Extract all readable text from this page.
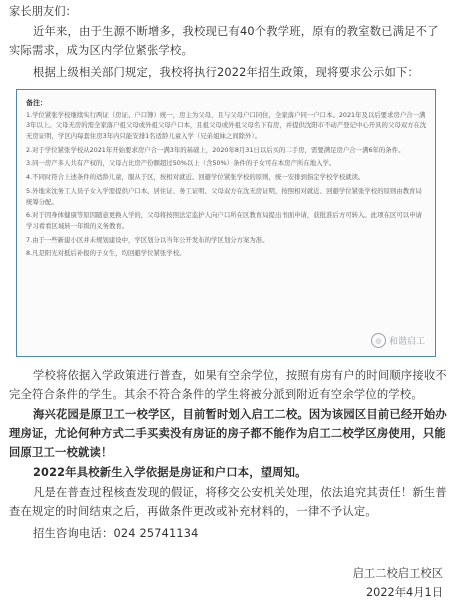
家长朋友们：

近年来，由于生源不断增多，我校现已有40个教学班，原有的教室数已满足不了实际需求，成为区内学位紧张学校。

根据上级相关部门规定，我校将执行2022年招生政策，现将要求公示如下：

备注：
1.学位紧张学校继续实行两证（房证、户口簿）统一，房主为父母，且与父母户口同住，全家落户同一户口本。2021年及以后要求房户合一满3年以上。父母无房的需全家落户祖父母或外祖父母户口本，且祖父母或外祖父母名下有房，并提供沈阳市不动产登记中心开具的父母双方在沈无房证明，学区内每套住房3年内只能安排1名适龄儿童入学（兄弟姐妹之间除外）。
2.对于学位紧张学校从2021年开始要求房户合一满3年的基础上，2020年8月31日以后买的二手房，需要满足房户合一满6年的条件。
3.同一房产多人共有产权的，父母占比房产份额超过50%以上（含50%）条件的子女可在本房产所在地入学。
4.不同时符合上述条件的适龄儿童，服从于区，按相对就近、回避学位紧张学校的原则，统一安排到指定学校学校就读。
5.外地来沈务工人员子女入学需提供户口本、居住证、务工证明、父母双方在沈无房证明，按照相对就近、回避学位紧张学校的原则由教育局统筹分配。
6.对于因身体健康等原因随意更换入学的，父母将按照法定监护人向户口所在区教育局提出书面申请，获批准后方可转入。此项在区可以申请学习看看区域转一年级的义务教育。
7.由于一些新建小区并未规划建设中，学区划分以当年公开发布的学区划分方案为准。
8.凡是阳光对抵后补报的子女生，均回避学位紧张学校。
◎ 和谐启工

学校将依据入学政策进行普查，如果有空余学位，按照有房有户的时间顺序接收不完全符合条件的学生。其余不符合条件的学生将被分派到附近有空余学位的学校。

海兴花园是原卫工一校学区，目前暂时划入启工二校。因为该园区目前已经开始办理房证，尤论何种方式二手买卖没有房证的房子都不能作为启工二校学区房使用，只能回原卫工一校就读！

2022年具校新生入学依据是房证和户口本，望周知。

凡是在普查过程核查发现的假证，将移交公安机关处理，依法追究其责任！新生普查在规定的时间结束之后，再做条件更改或补充材料的，一律不予认定。

招生咨询电话：024 25741134

启工二校启工校区
2022年4月1日
